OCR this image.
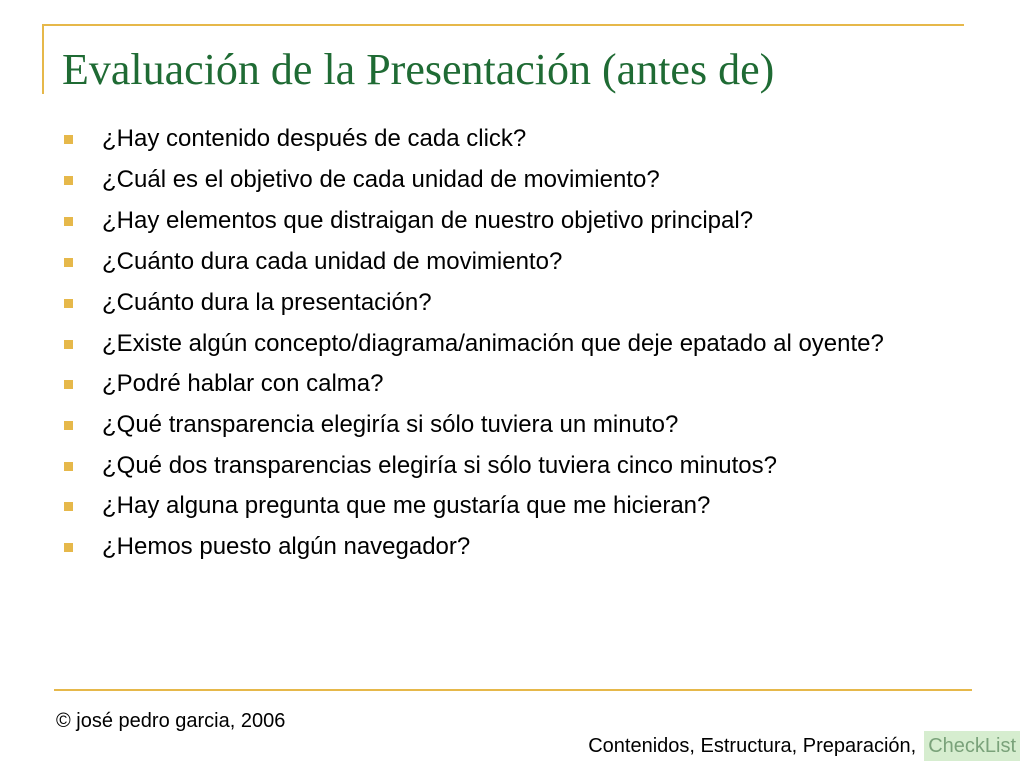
Evaluación de la Presentación (antes de)
¿Hay contenido después de cada click?
¿Cuál es el objetivo de cada unidad de movimiento?
¿Hay elementos que distraigan de nuestro objetivo principal?
¿Cuánto dura cada unidad de movimiento?
¿Cuánto dura la presentación?
¿Existe algún concepto/diagrama/animación que deje epatado al oyente?
¿Podré hablar con calma?
¿Qué transparencia elegiría si sólo tuviera un minuto?
¿Qué dos transparencias elegiría si sólo tuviera cinco minutos?
¿Hay alguna pregunta que me gustaría que me hicieran?
¿Hemos puesto algún navegador?
© josé pedro garcia, 2006
Contenidos, Estructura, Preparación, CheckList
